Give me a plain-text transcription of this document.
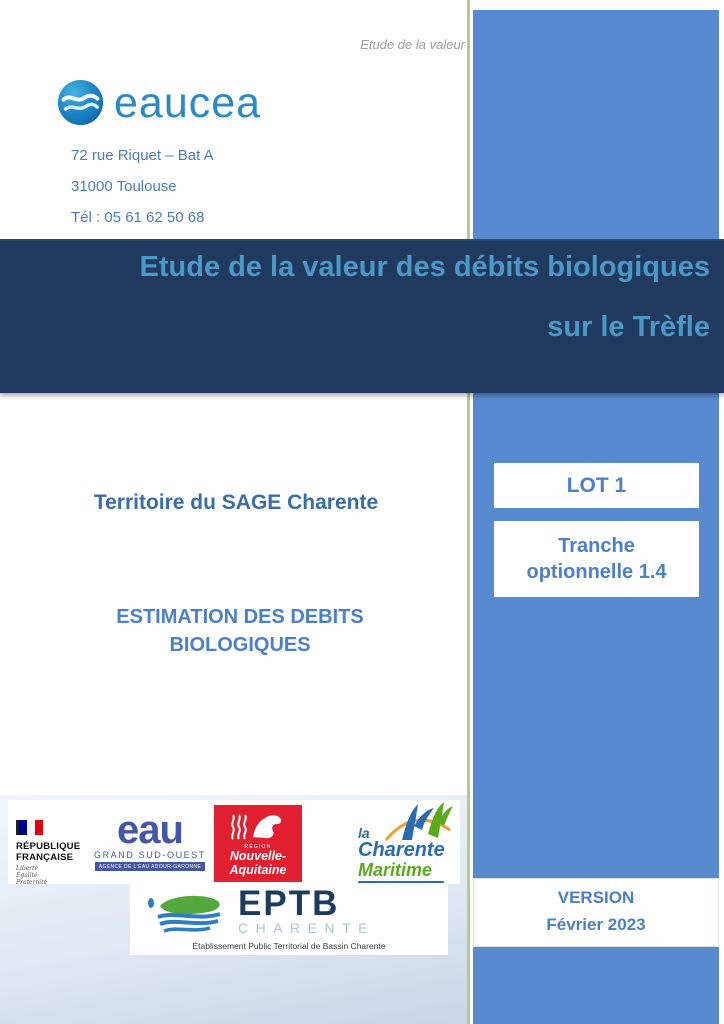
Etude de la valeur
eaucea
72 rue Riquet – Bat A
31000 Toulouse
Tél : 05 61 62 50 68
Etude de la valeur des débits biologiques
sur le Trèfle
Territoire du SAGE Charente
ESTIMATION DES DEBITS
BIOLOGIQUES
LOT 1
Tranche
optionnelle 1.4
VERSION
Février 2023
RÉPUBLIQUE
FRANÇAISE
Liberté
Égalité
Fraternité
eau
GRAND SUD-OUEST
AGENCE DE L'EAU ADOUR-GARONNE
RÉGION
Nouvelle-
Aquitaine
la
Charente
Maritime
EPTB
CHARENTE
Établissement Public Territorial de Bassin Charente
